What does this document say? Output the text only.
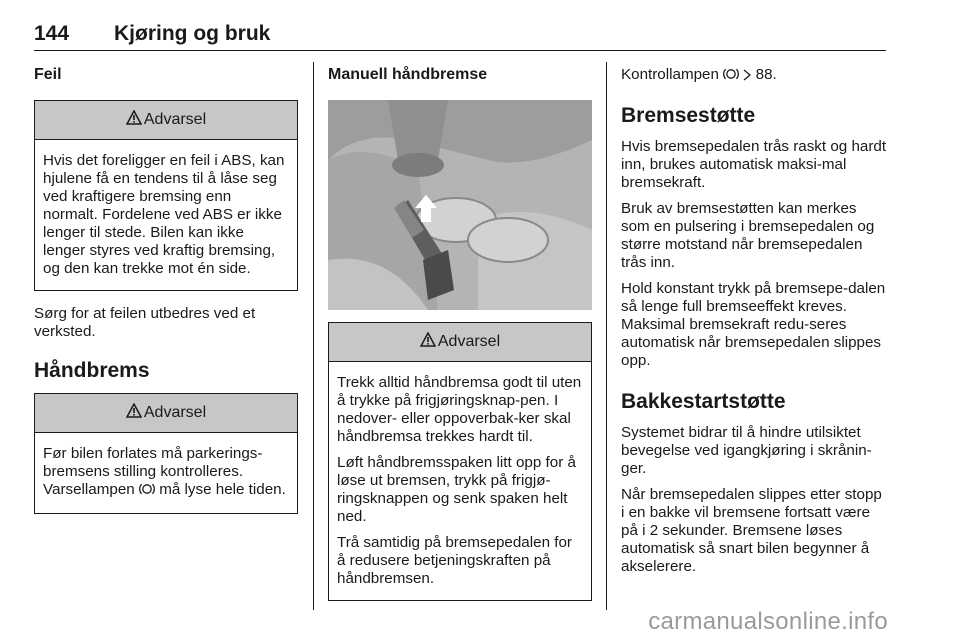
144 Kjøring og bruk
Feil
Advarsel

Hvis det foreligger en feil i ABS, kan hjulene få en tendens til å låse seg ved kraftigere bremsing enn normalt. Fordelene ved ABS er ikke lenger til stede. Bilen kan ikke lenger styres ved kraftig bremsing, og den kan trekke mot én side.

Sørg for at feilen utbedres ved et verksted.

Håndbrems
Advarsel

Før bilen forlates må parkerings-bremsens stilling kontrolleres. Varsellampen må lyse hele tiden.

Manuell håndbremse
Advarsel

Trekk alltid håndbremsa godt til uten å trykke på frigjøringsknap-pen. I nedover- eller oppoverbak-ker skal håndbremsa trekkes hardt til.

Løft håndbremsspaken litt opp for å løse ut bremsen, trykk på frigjø-ringsknappen og senk spaken helt ned.

Trå samtidig på bremsepedalen for å redusere betjeningskraften på håndbremsen.

Kontrollampen 88.

Bremsestøtte

Hvis bremsepedalen trås raskt og hardt inn, brukes automatisk maksi-mal bremsekraft.

Bruk av bremsestøtten kan merkes som en pulsering i bremsepedalen og større motstand når bremsepedalen trås inn.

Hold konstant trykk på bremsepe-dalen så lenge full bremseeffekt kreves. Maksimal bremsekraft redu-seres automatisk når bremsepedalen slippes opp.

Bakkestartstøtte

Systemet bidrar til å hindre utilsiktet bevegelse ved igangkjøring i skrånin-ger.

Når bremsepedalen slippes etter stopp i en bakke vil bremsene fortsatt være på i 2 sekunder. Bremsene løses automatisk så snart bilen begynner å akselerere.

carmanualsonline.info
